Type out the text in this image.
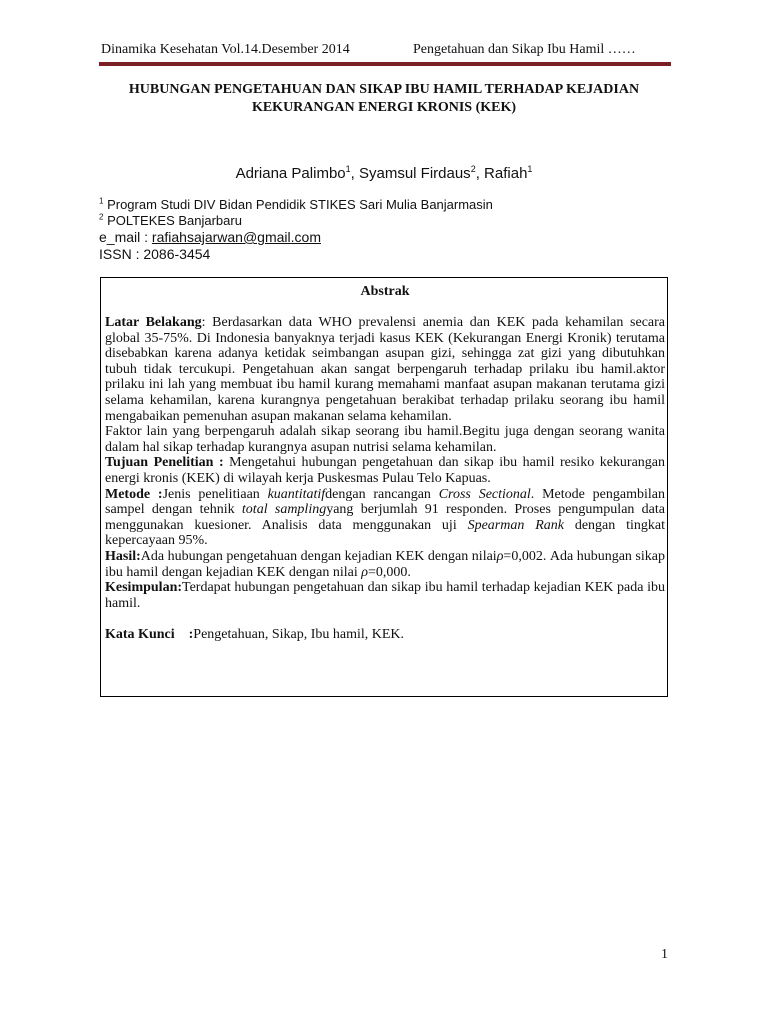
Dinamika Kesehatan Vol.14.Desember 2014	Pengetahuan dan Sikap Ibu Hamil ……
HUBUNGAN PENGETAHUAN DAN SIKAP IBU HAMIL TERHADAP KEJADIAN
KEKURANGAN ENERGI KRONIS (KEK)
Adriana Palimbo$^1$, Syamsul Firdaus$^2$, Rafiah$^1$
$^1$ Program Studi DIV Bidan Pendidik STIKES Sari Mulia Banjarmasin
$^2$ POLTEKES Banjarbaru
e_mail : rafiahsajarwan@gmail.com
ISSN : 2086-3454
Abstrak

Latar Belakang: Berdasarkan data WHO prevalensi anemia dan KEK pada kehamilan secara global 35-75%. Di Indonesia banyaknya terjadi kasus KEK (Kekurangan Energi Kronik) terutama disebabkan karena adanya ketidak seimbangan asupan gizi, sehingga zat gizi yang dibutuhkan tubuh tidak tercukupi. Pengetahuan akan sangat berpengaruh terhadap prilaku ibu hamil.aktor prilaku ini lah yang membuat ibu hamil kurang memahami manfaat asupan makanan terutama gizi selama kehamilan, karena kurangnya pengetahuan berakibat terhadap prilaku seorang ibu hamil mengabaikan pemenuhan asupan makanan selama kehamilan.

Faktor lain yang berpengaruh adalah sikap seorang ibu hamil.Begitu juga dengan seorang wanita dalam hal sikap terhadap kurangnya asupan nutrisi selama kehamilan.

Tujuan Penelitian : Mengetahui hubungan pengetahuan dan sikap ibu hamil resiko kekurangan energi kronis (KEK) di wilayah kerja Puskesmas Pulau Telo Kapuas.

Metode :Jenis penelitiaan kuantitatifdengan rancangan Cross Sectional. Metode pengambilan sampel dengan tehnik total samplingyang berjumlah 91 responden. Proses pengumpulan data menggunakan kuesioner. Analisis data menggunakan uji Spearman Rank dengan tingkat kepercayaan 95%.

Hasil:Ada hubungan pengetahuan dengan kejadian KEK dengan nilaiρ=0,002. Ada hubungan sikap ibu hamil dengan kejadian KEK dengan nilai ρ=0,000.

Kesimpulan:Terdapat hubungan pengetahuan dan sikap ibu hamil terhadap kejadian KEK pada ibu hamil.

Kata Kunci    :Pengetahuan, Sikap, Ibu hamil, KEK.

1
